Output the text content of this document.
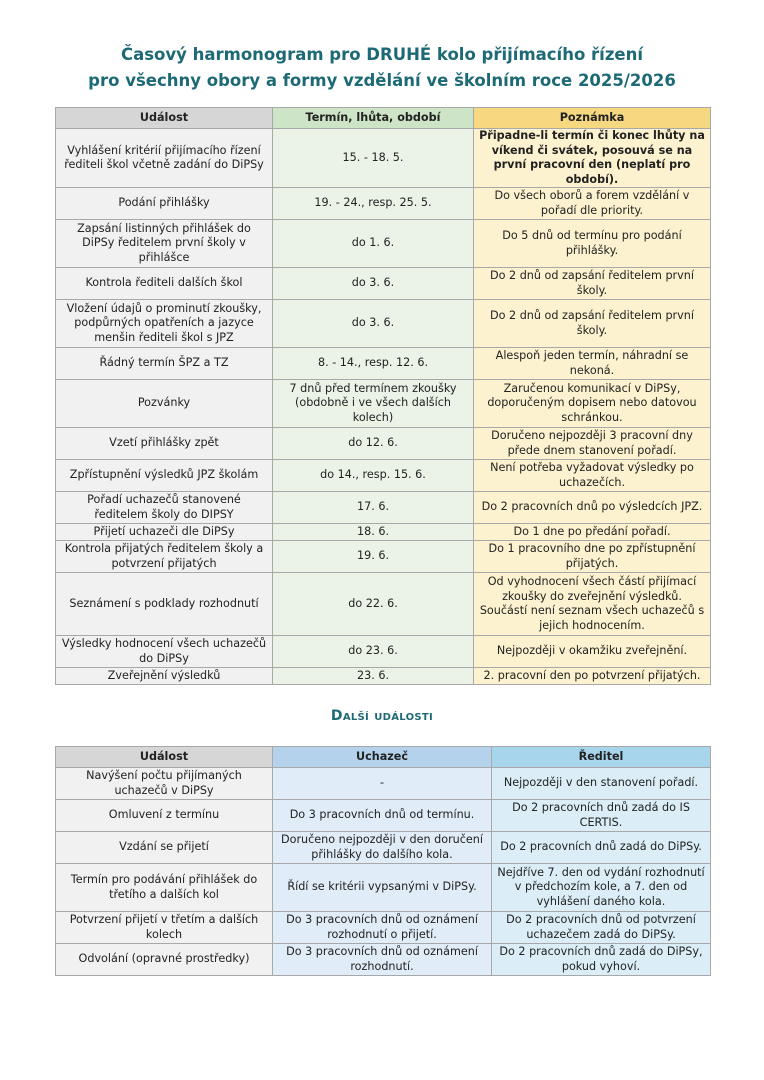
Časový harmonogram pro DRUHÉ kolo přijímacího řízení
pro všechny obory a formy vzdělání ve školním roce 2025/2026
Událost	Termín, lhůta, období	Poznámka
Vyhlášení kritérií přijímacího řízení řediteli škol včetně zadání do DiPSy	15. - 18. 5.	Připadne-li termín či konec lhůty na víkend či svátek, posouvá se na první pracovní den (neplatí pro období).
Podání přihlášky	19. - 24., resp. 25. 5.	Do všech oborů a forem vzdělání v pořadí dle priority.
Zapsání listinných přihlášek do DiPSy ředitelem první školy v přihlášce	do 1. 6.	Do 5 dnů od termínu pro podání přihlášky.
Kontrola řediteli dalších škol	do 3. 6.	Do 2 dnů od zapsání ředitelem první školy.
Vložení údajů o prominutí zkoušky, podpůrných opatřeních a jazyce menšin řediteli škol s JPZ	do 3. 6.	Do 2 dnů od zapsání ředitelem první školy.
Řádný termín ŠPZ a TZ	8. - 14., resp. 12. 6.	Alespoň jeden termín, náhradní se nekoná.
Pozvánky	7 dnů před termínem zkoušky (obdobně i ve všech dalších kolech)	Zaručenou komunikací v DiPSy, doporučeným dopisem nebo datovou schránkou.
Vzetí přihlášky zpět	do 12. 6.	Doručeno nejpozději 3 pracovní dny předе dnem stanovení pořadí.
Zpřístupnění výsledků JPZ školám	do 14., resp. 15. 6.	Není potřeba vyžadovat výsledky po uchazečích.
Pořadí uchazečů stanovené ředitelem školy do DIPSY	17. 6.	Do 2 pracovních dnů po výsledcích JPZ.
Přijetí uchazeči dle DiPSy	18. 6.	Do 1 dne po předání pořadí.
Kontrola přijatých ředitelem školy a potvrzení přijatých	19. 6.	Do 1 pracovního dne po zpřístupnění přijatých.
Seznámení s podklady rozhodnutí	do 22. 6.	Od vyhodnocení všech částí přijímací zkoušky do zveřejnění výsledků. Součástí není seznam všech uchazečů s jejich hodnocením.
Výsledky hodnocení všech uchazečů do DiPSy	do 23. 6.	Nejpozději v okamžiku zveřejnění.
Zveřejnění výsledků	23. 6.	2. pracovní den po potvrzení přijatých.
Další události
Událost	Uchazeč	Ředitel
Navýšení počtu přijímaných uchazečů v DiPSy	-	Nejpozději v den stanovení pořadí.
Omluvení z termínu	Do 3 pracovních dnů od termínu.	Do 2 pracovních dnů zadá do IS CERTIS.
Vzdání se přijetí	Doručeno nejpozději v den doručení přihlášky do dalšího kola.	Do 2 pracovních dnů zadá do DiPSy.
Termín pro podávání přihlášek do třetího a dalších kol	Řídí se kritérii vypsanými v DiPSy.	Nejdříve 7. den od vydání rozhodnutí v předchozím kole, a 7. den od vyhlášení daného kola.
Potvrzení přijetí v třetím a dalších kolech	Do 3 pracovních dnů od oznámení rozhodnutí o přijetí.	Do 2 pracovních dnů od potvrzení uchazečem zadá do DiPSy.
Odvolání (opravné prostředky)	Do 3 pracovních dnů od oznámení rozhodnutí.	Do 2 pracovních dnů zadá do DiPSy, pokud vyhoví.
